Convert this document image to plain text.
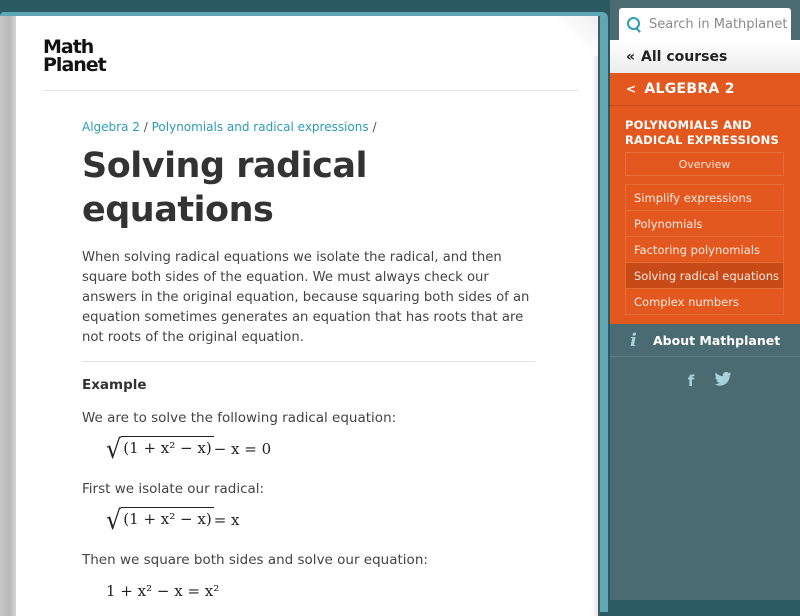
Math
Planet
Algebra 2 / Polynomials and radical expressions /
Solving radical equations
When solving radical equations we isolate the radical, and then square both sides of the equation. We must always check our answers in the original equation, because squaring both sides of an equation sometimes generates an equation that has roots that are not roots of the original equation.
Example
We are to solve the following radical equation:
√ (1 + x² − x) − x = 0
First we isolate our radical:
√ (1 + x² − x) = x
Then we square both sides and solve our equation:
1 + x² − x = x²
Search in Mathplanet
« All courses
< ALGEBRA 2
POLYNOMIALS AND RADICAL EXPRESSIONS
Overview
Simplify expressions
Polynomials
Factoring polynomials
Solving radical equations
Complex numbers
i	About Mathplanet
f
